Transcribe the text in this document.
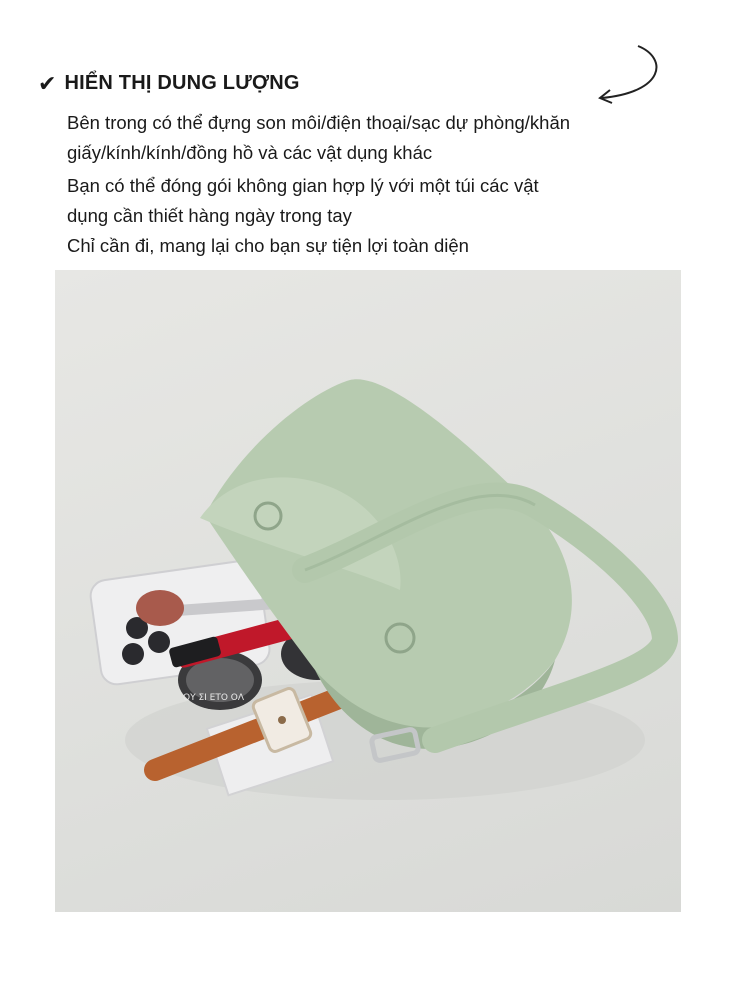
✔ HIỂN THỊ DUNG LƯỢNG

Bên trong có thể đựng son môi/điện thoại/sạc dự phòng/khăn

giấy/kính/kính/đồng hồ và các vật dụng khác

Bạn có thể đóng gói không gian hợp lý với một túi các vật

dụng cần thiết hàng ngày trong tay

Chỉ cần đi, mang lại cho bạn sự tiện lợi toàn diện

ΟΥ ΣΙ ΕΤΟ ΟΛ
